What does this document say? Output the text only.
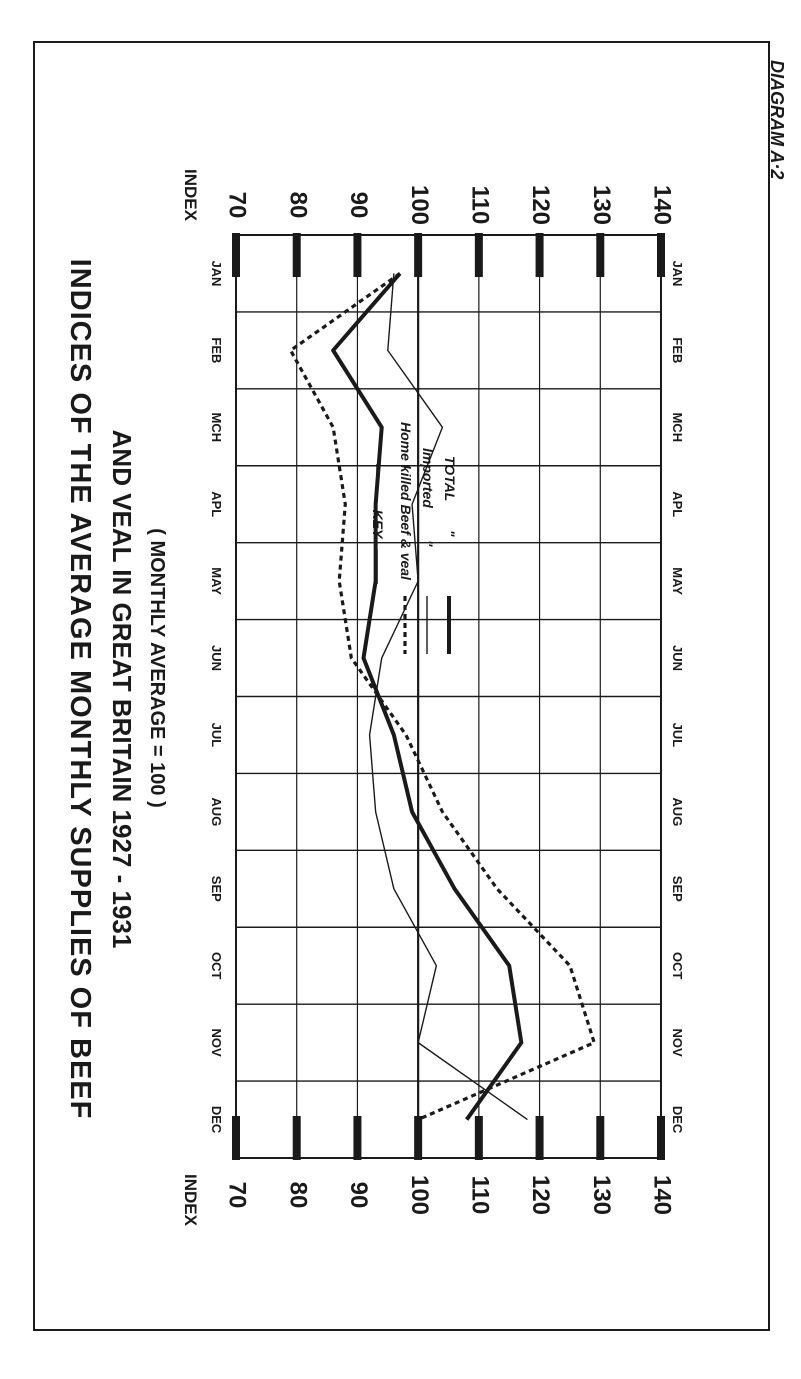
DIAGRAM A·2
INDICES OF THE AVERAGE MONTHLY SUPPLIES OF BEEF AND VEAL IN GREAT BRITAIN 1927 - 1931 ( MONTHLY AVERAGE = 100 )
INDEX
INDEX
70
70
80
80
90
90
100
100
110
110
120
120
130
130
140
140
JAN
JAN
FEB
FEB
MCH
MCH
APL
APL
MAY
MAY
JUN
JUN
JUL
JUL
AUG
AUG
SEP
SEP
OCT
OCT
NOV
NOV
DEC
DEC
KEY Home killed Beef & veal Imported
"
TOTAL
"
